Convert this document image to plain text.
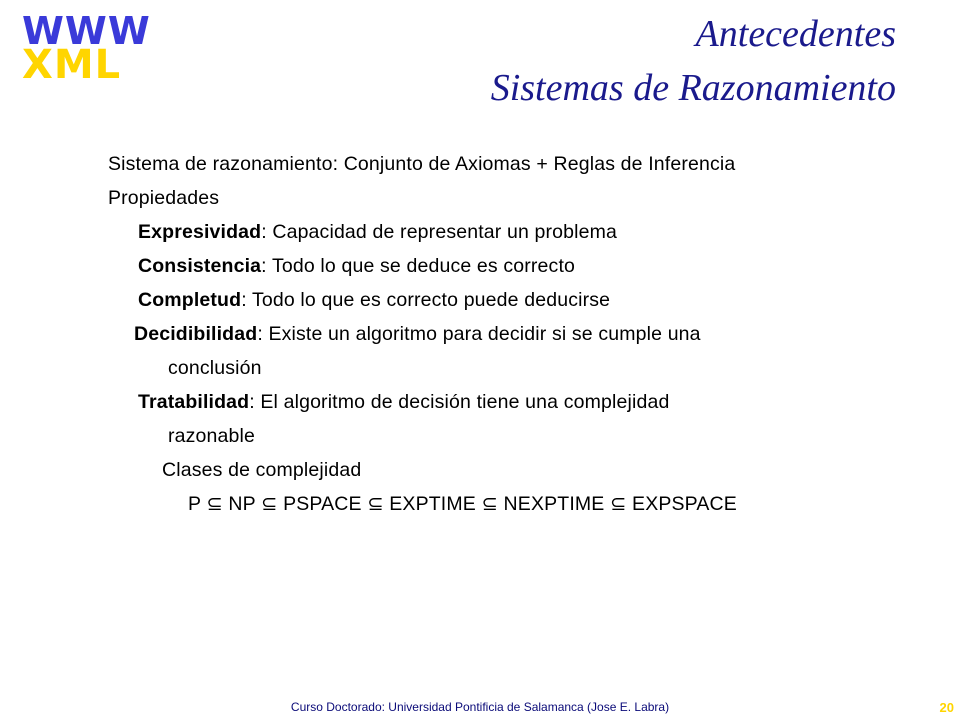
WWW
XML
Antecedentes
Sistemas de Razonamiento
Sistema de razonamiento: Conjunto de Axiomas + Reglas de Inferencia
Propiedades
Expresividad: Capacidad de representar un problema
Consistencia: Todo lo que se deduce es correcto
Completud: Todo lo que es correcto puede deducirse
Decidibilidad: Existe un algoritmo para decidir si se cumple una
conclusión
Tratabilidad: El algoritmo de decisión tiene una complejidad
razonable
Clases de complejidad
P ⊆ NP ⊆ PSPACE ⊆ EXPTIME ⊆ NEXPTIME ⊆ EXPSPACE
Curso Doctorado: Universidad Pontificia de Salamanca (Jose E. Labra)	20
